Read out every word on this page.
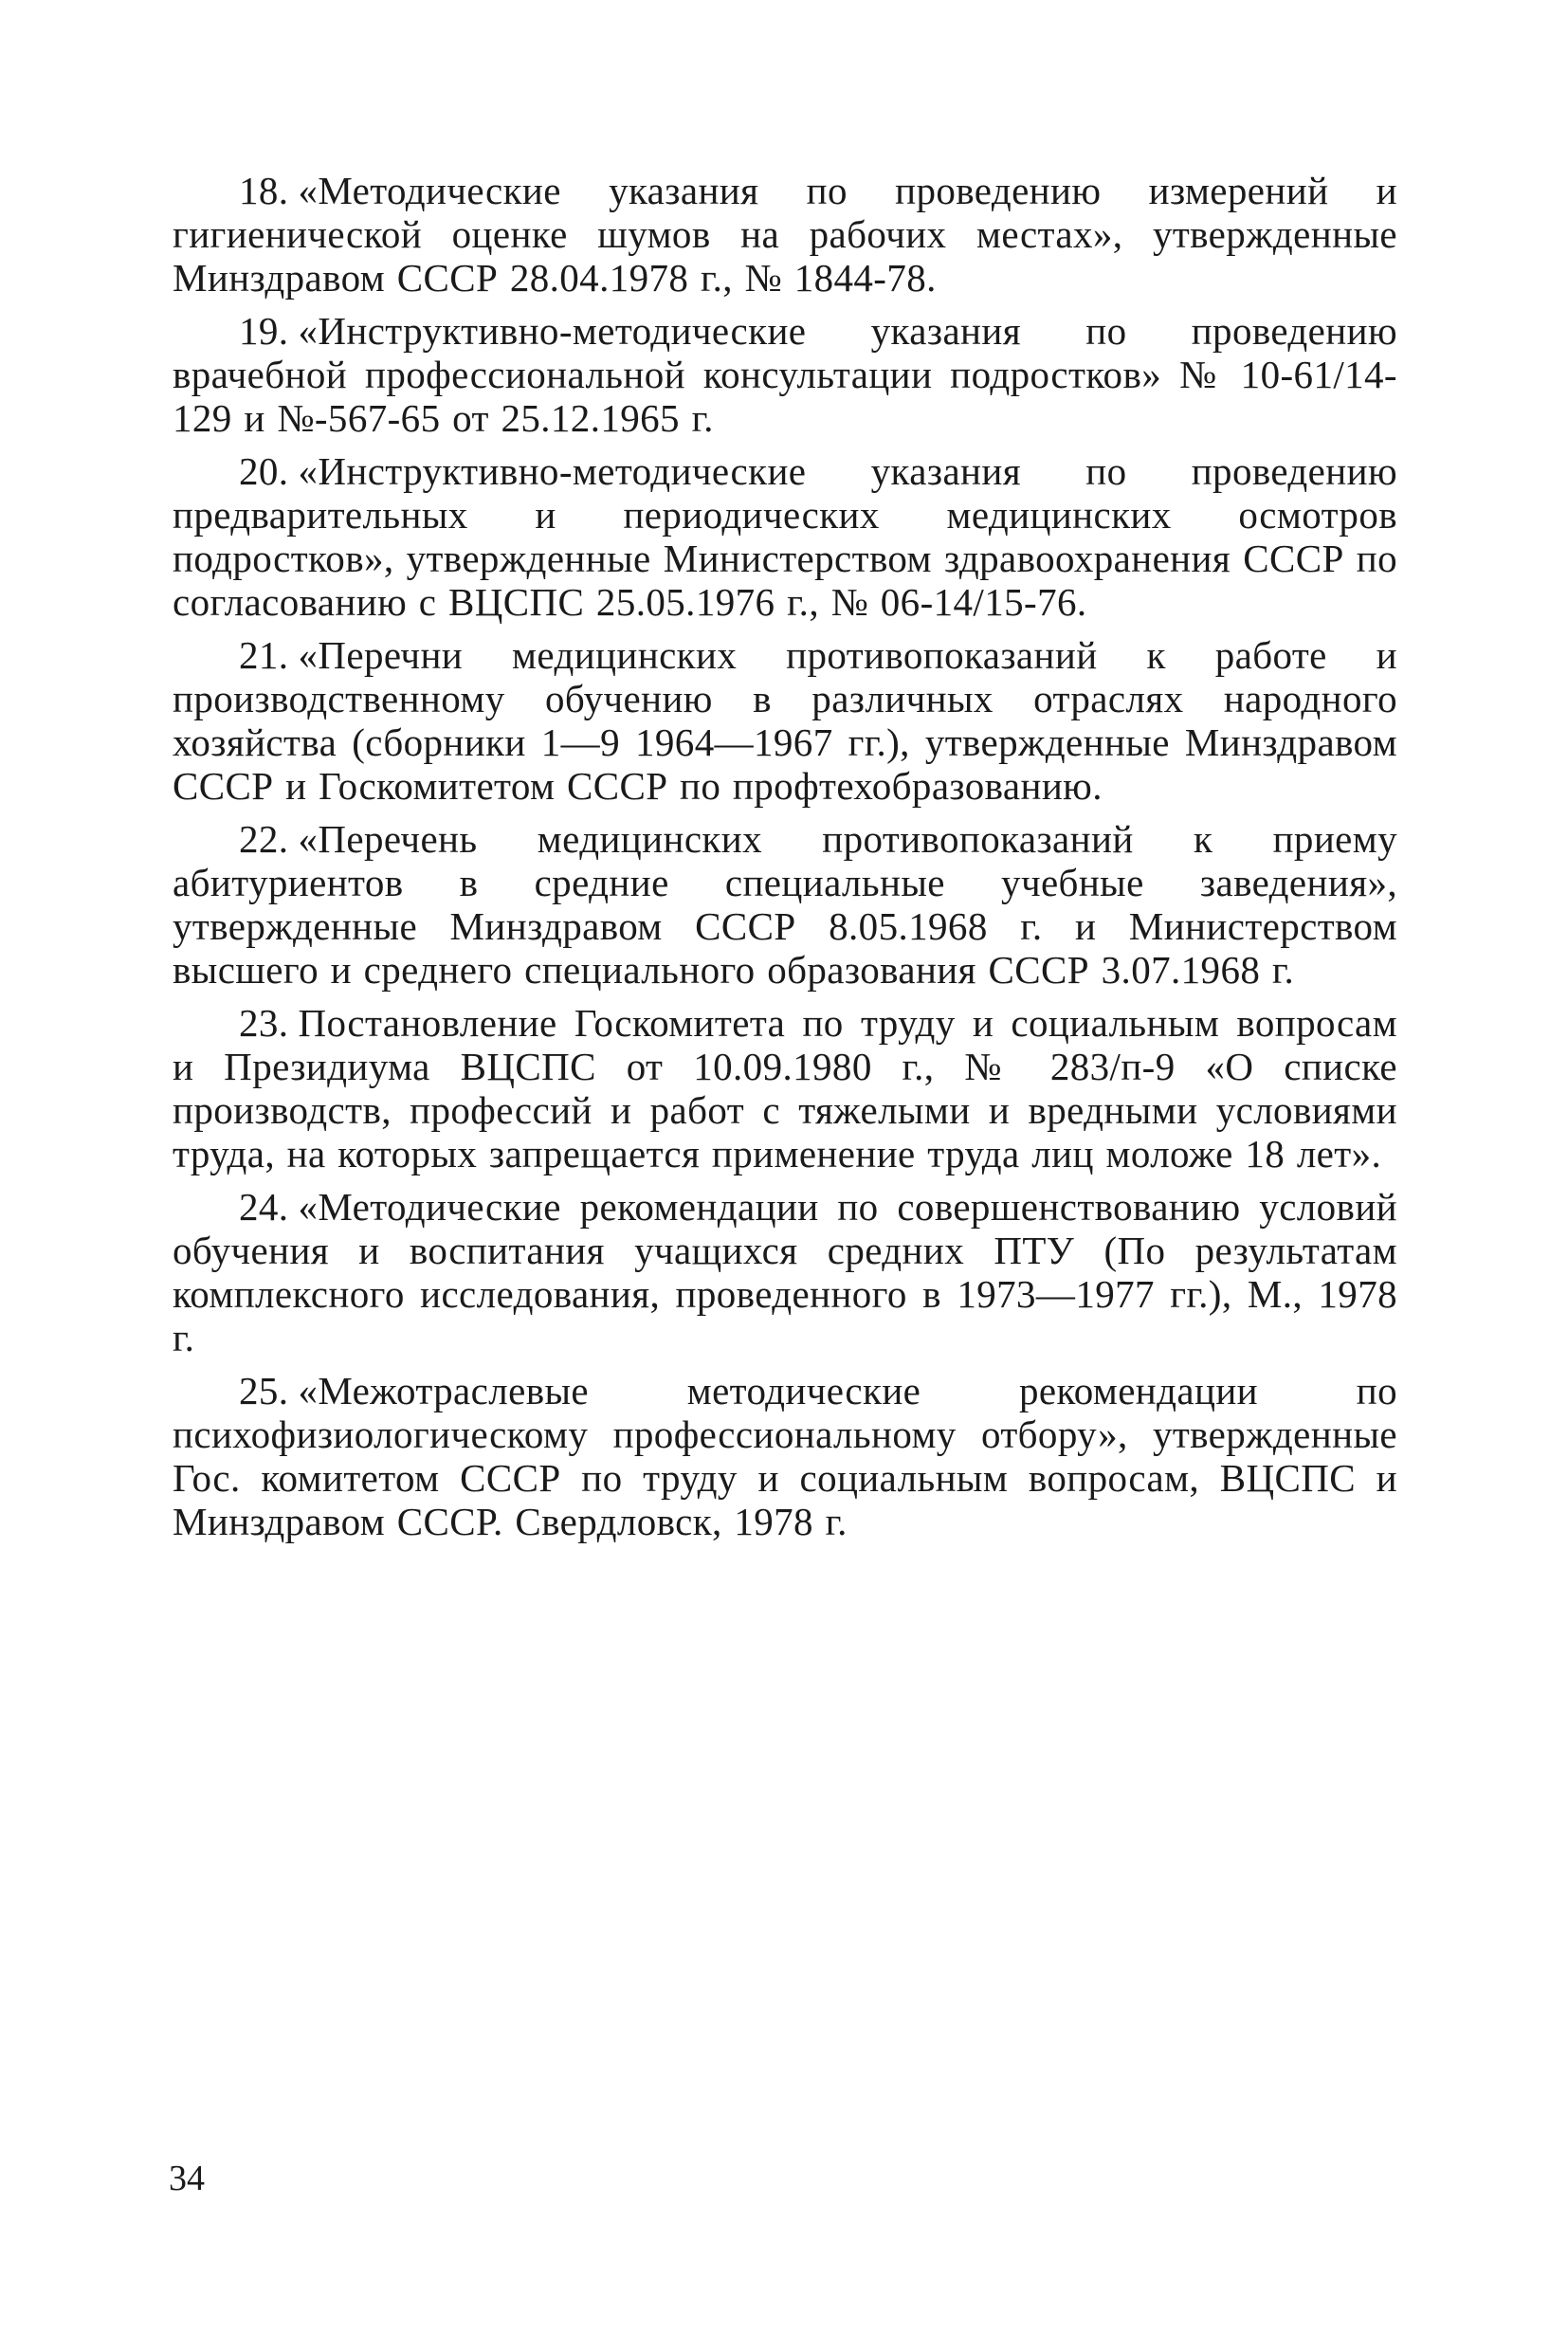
18. «Методические указания по проведению измерений и гигиенической оценке шумов на рабочих местах», утвержденные Минздравом СССР 28.04.1978 г., № 1844-78.

19. «Инструктивно-методические указания по проведению врачебной профессиональной консультации подростков» № 10-61/14-129 и №-567-65 от 25.12.1965 г.

20. «Инструктивно-методические указания по проведению предварительных и периодических медицинских осмотров подростков», утвержденные Министерством здравоохранения СССР по согласованию с ВЦСПС 25.05.1976 г., № 06-14/15-76.

21. «Перечни медицинских противопоказаний к работе и производственному обучению в различных отраслях народного хозяйства (сборники 1—9 1964—1967 гг.), утвержденные Минздравом СССР и Госкомитетом СССР по профтехобразованию.

22. «Перечень медицинских противопоказаний к приему абитуриентов в средние специальные учебные заведения», утвержденные Минздравом СССР 8.05.1968 г. и Министерством высшего и среднего специального образования СССР 3.07.1968 г.

23. Постановление Госкомитета по труду и социальным вопросам и Президиума ВЦСПС от 10.09.1980 г., № 283/п-9 «О списке производств, профессий и работ с тяжелыми и вредными условиями труда, на которых запрещается применение труда лиц моложе 18 лет».

24. «Методические рекомендации по совершенствованию условий обучения и воспитания учащихся средних ПТУ (По результатам комплексного исследования, проведенного в 1973—1977 гг.), М., 1978 г.

25. «Межотраслевые методические рекомендации по психофизиологическому профессиональному отбору», утвержденные Гос. комитетом СССР по труду и социальным вопросам, ВЦСПС и Минздравом СССР. Свердловск, 1978 г.

34
